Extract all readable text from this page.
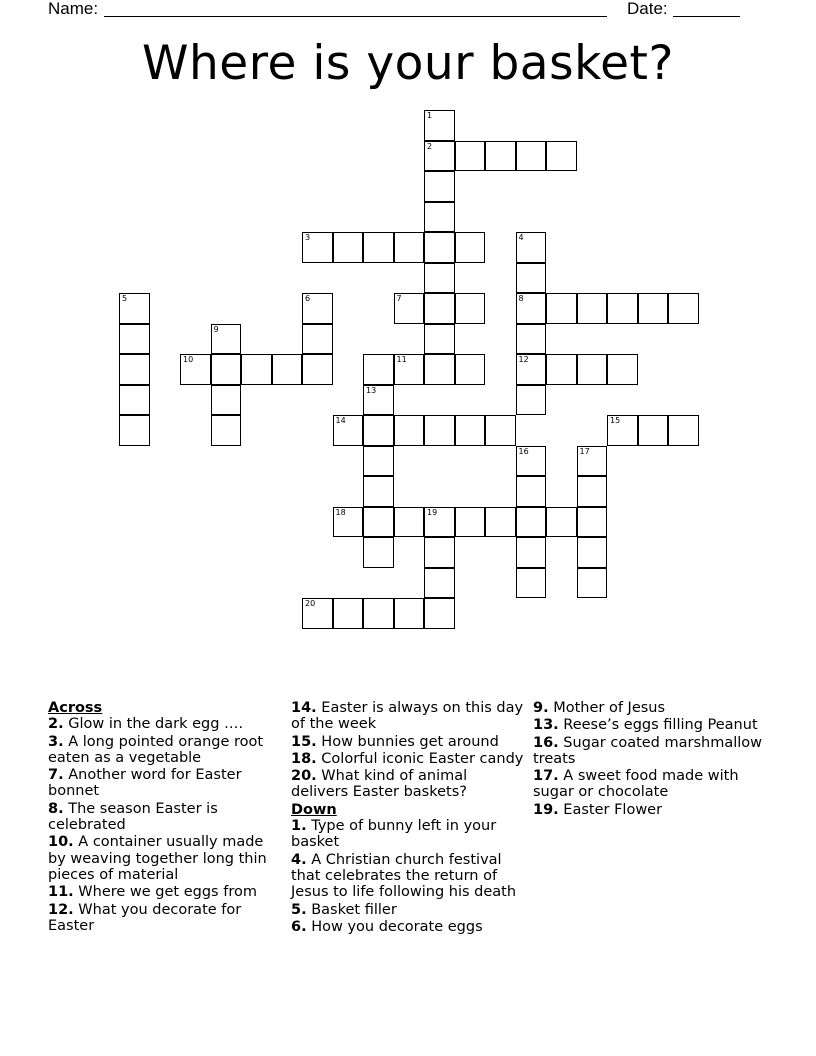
Name:	Date:
Where is your basket?
1
2
3	4
5	6	7	8
9
10	11	12
13
14	15
16	17
18	19
20
Across
2. Glow in the dark egg ….
3. A long pointed orange root eaten as a vegetable
7. Another word for Easter bonnet
8. The season Easter is celebrated
10. A container usually made by weaving together long thin pieces of material
11. Where we get eggs from
12. What you decorate for Easter
14. Easter is always on this day of the week
15. How bunnies get around
18. Colorful iconic Easter candy
20. What kind of animal delivers Easter baskets?
Down
1. Type of bunny left in your basket
4. A Christian church festival that celebrates the return of Jesus to life following his death
5. Basket filler
6. How you decorate eggs
9. Mother of Jesus
13. Reese’s eggs filling Peanut
16. Sugar coated marshmallow treats
17. A sweet food made with sugar or chocolate
19. Easter Flower
